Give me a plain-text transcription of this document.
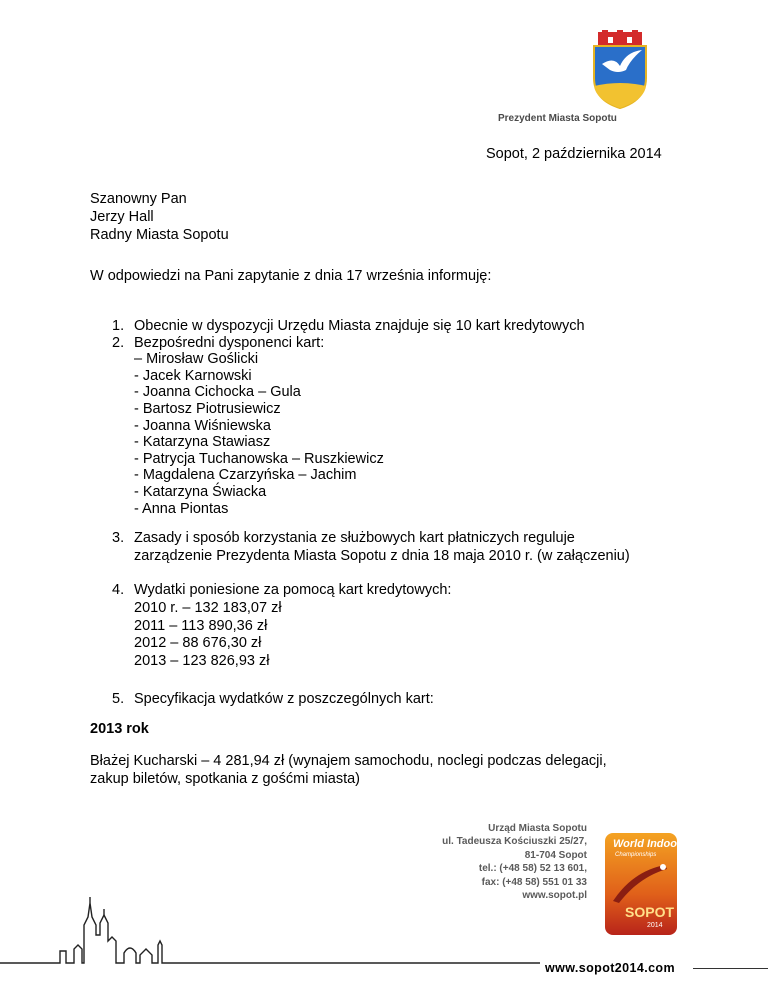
Prezydent Miasta Sopotu
Sopot, 2 października 2014
Szanowny Pan
Jerzy Hall
Radny Miasta Sopotu
W odpowiedzi na Pani zapytanie z dnia 17 września informuję:
1. Obecnie w dyspozycji Urzędu Miasta znajduje się 10 kart kredytowych
2. Bezpośredni dysponenci kart:
– Mirosław Goślicki
- Jacek Karnowski
- Joanna Cichocka – Gula
- Bartosz Piotrusiewicz
- Joanna Wiśniewska
- Katarzyna Stawiasz
- Patrycja Tuchanowska – Ruszkiewicz
- Magdalena Czarzyńska – Jachim
- Katarzyna Świacka
- Anna Piontas
3. Zasady i sposób korzystania ze służbowych kart płatniczych reguluje
zarządzenie Prezydenta Miasta Sopotu z dnia 18 maja 2010 r. (w załączeniu)
4. Wydatki poniesione za pomocą kart kredytowych:
2010 r. – 132 183,07 zł
2011 – 113 890,36 zł
2012 – 88 676,30 zł
2013 – 123 826,93 zł
5. Specyfikacja wydatków z poszczególnych kart:
2013 rok
Błażej Kucharski – 4 281,94 zł (wynajem samochodu, noclegi podczas delegacji,
zakup biletów, spotkania z gośćmi miasta)
Urząd Miasta Sopotu
ul. Tadeusza Kościuszki 25/27,
81-704 Sopot
tel.: (+48 58) 52 13 601,
fax: (+48 58) 551 01 33
www.sopot.pl
World Indoor
Championships
SOPOT
2014
www.sopot2014.com
